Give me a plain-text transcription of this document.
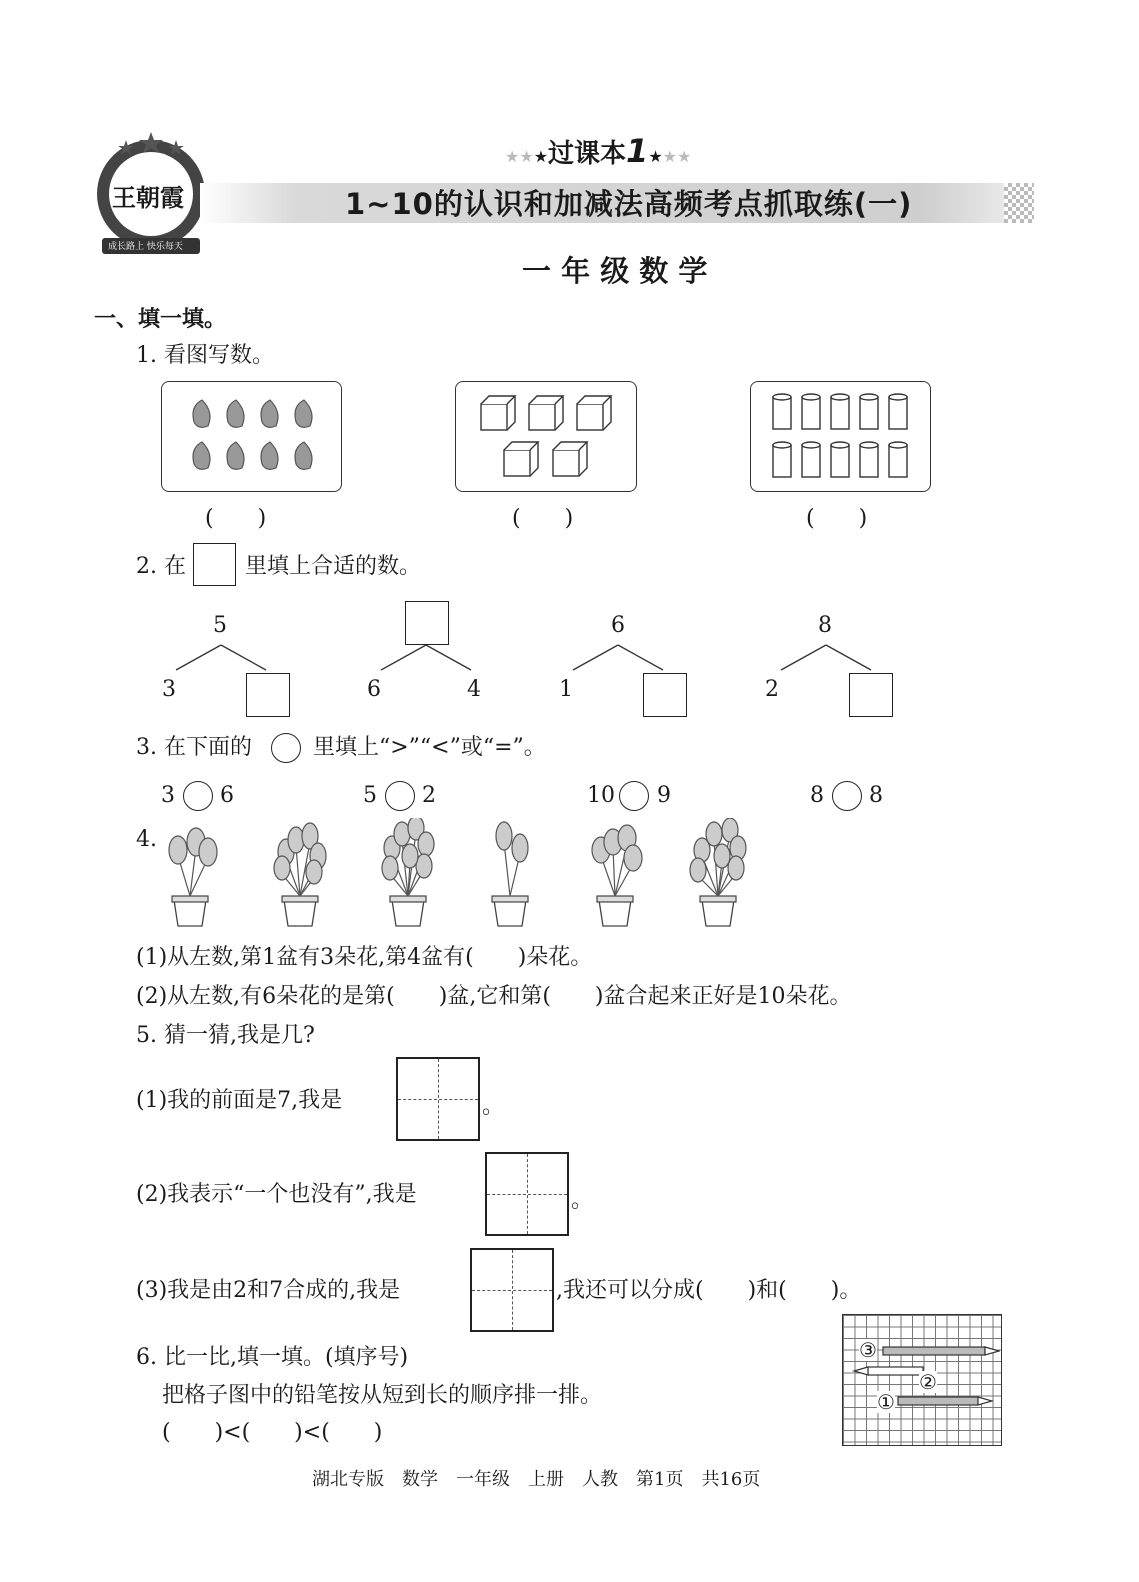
王朝霞
成长路上 快乐每天
★★★过课本1★★★
1~10的认识和加减法高频考点抓取练(一)
一 年 级 数 学
一、填一填。
1. 看图写数。
(　　)	(　　)	(　　)
2. 在	里填上合适的数。
5
3	6	4
6
1
8
2
3. 在下面的	里填上“>”“<”或“=”。
3 6	5 2	10 9	8 8
4.
(1)从左数,第1盆有3朵花,第4盆有(　　)朵花。
(2)从左数,有6朵花的是第(　　)盆,它和第(　　)盆合起来正好是10朵花。
5. 猜一猜,我是几?
(1)我的前面是7,我是	。
(2)我表示“一个也没有”,我是	。
(3)我是由2和7合成的,我是	,我还可以分成(　　)和(　　)。
6. 比一比,填一填。(填序号)
把格子图中的铅笔按从短到长的顺序排一排。
(　　)<(　　)<(　　)
③
②
①
湖北专版　数学　一年级　上册　人教　第1页　共16页
